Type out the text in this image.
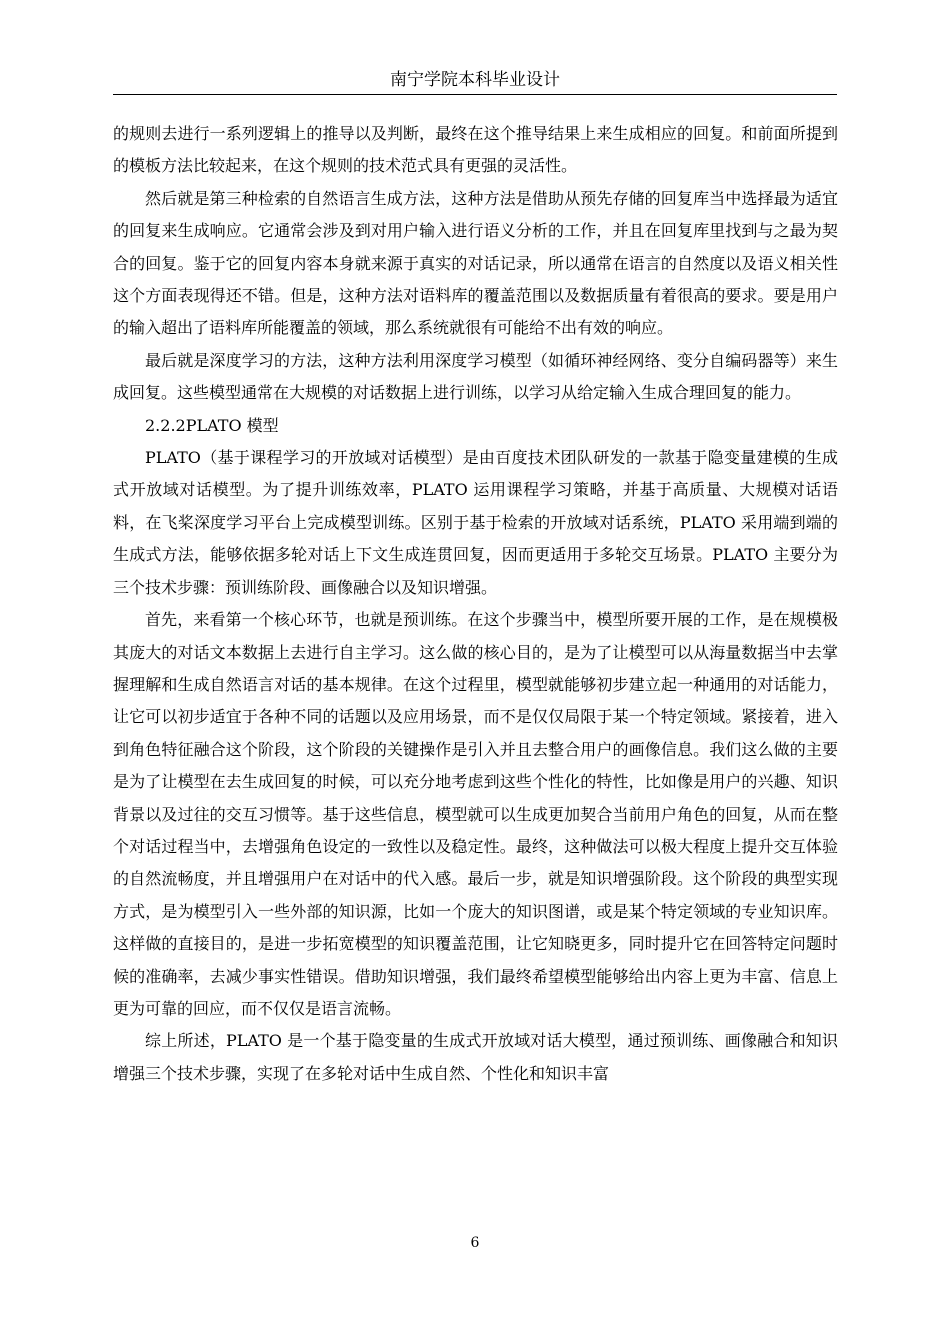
南宁学院本科毕业设计

的规则去进行一系列逻辑上的推导以及判断，最终在这个推导结果上来生成相应的回复。和前面所提到的模板方法比较起来，在这个规则的技术范式具有更强的灵活性。

然后就是第三种检索的自然语言生成方法，这种方法是借助从预先存储的回复库当中选择最为适宜的回复来生成响应。它通常会涉及到对用户输入进行语义分析的工作，并且在回复库里找到与之最为契合的回复。鉴于它的回复内容本身就来源于真实的对话记录，所以通常在语言的自然度以及语义相关性这个方面表现得还不错。但是，这种方法对语料库的覆盖范围以及数据质量有着很高的要求。要是用户的输入超出了语料库所能覆盖的领域，那么系统就很有可能给不出有效的响应。

最后就是深度学习的方法，这种方法利用深度学习模型（如循环神经网络、变分自编码器等）来生成回复。这些模型通常在大规模的对话数据上进行训练，以学习从给定输入生成合理回复的能力。

2.2.2PLATO 模型

PLATO（基于课程学习的开放域对话模型）是由百度技术团队研发的一款基于隐变量建模的生成式开放域对话模型。为了提升训练效率，PLATO 运用课程学习策略，并基于高质量、大规模对话语料，在飞桨深度学习平台上完成模型训练。区别于基于检索的开放域对话系统，PLATO 采用端到端的生成式方法，能够依据多轮对话上下文生成连贯回复，因而更适用于多轮交互场景。PLATO 主要分为三个技术步骤：预训练阶段、画像融合以及知识增强。

首先，来看第一个核心环节，也就是预训练。在这个步骤当中，模型所要开展的工作，是在规模极其庞大的对话文本数据上去进行自主学习。这么做的核心目的，是为了让模型可以从海量数据当中去掌握理解和生成自然语言对话的基本规律。在这个过程里，模型就能够初步建立起一种通用的对话能力，让它可以初步适宜于各种不同的话题以及应用场景，而不是仅仅局限于某一个特定领域。紧接着，进入到角色特征融合这个阶段，这个阶段的关键操作是引入并且去整合用户的画像信息。我们这么做的主要是为了让模型在去生成回复的时候，可以充分地考虑到这些个性化的特性，比如像是用户的兴趣、知识背景以及过往的交互习惯等。基于这些信息，模型就可以生成更加契合当前用户角色的回复，从而在整个对话过程当中，去增强角色设定的一致性以及稳定性。最终，这种做法可以极大程度上提升交互体验的自然流畅度，并且增强用户在对话中的代入感。最后一步，就是知识增强阶段。这个阶段的典型实现方式，是为模型引入一些外部的知识源，比如一个庞大的知识图谱，或是某个特定领域的专业知识库。这样做的直接目的，是进一步拓宽模型的知识覆盖范围，让它知晓更多，同时提升它在回答特定问题时候的准确率，去减少事实性错误。借助知识增强，我们最终希望模型能够给出内容上更为丰富、信息上更为可靠的回应，而不仅仅是语言流畅。

综上所述，PLATO 是一个基于隐变量的生成式开放域对话大模型，通过预训练、画像融合和知识增强三个技术步骤，实现了在多轮对话中生成自然、个性化和知识丰富

6
